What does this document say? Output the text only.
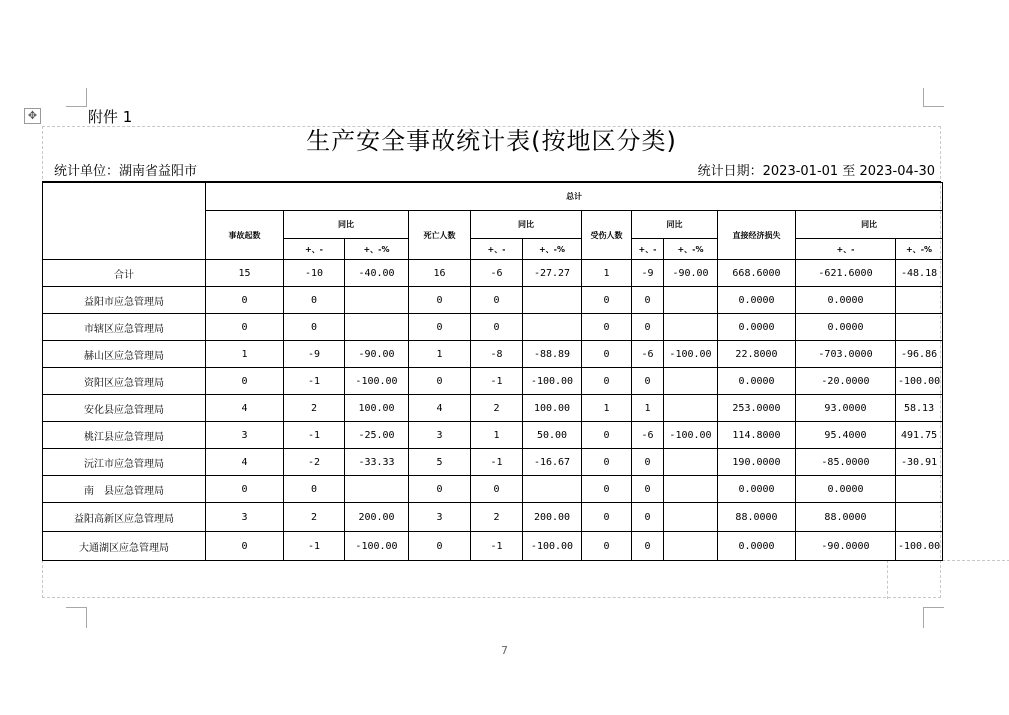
✥	附件 1
生产安全事故统计表(按地区分类)
统计单位：湖南省益阳市	统计日期：2023-01-01 至 2023-04-30
	总计											
	事故起数	同比		死亡人数	同比		受伤人数	同比		直接经济损失	同比	
		+、-	+、-%		+、-	+、-%		+、-	+、-%		+、-	+、-%
合计	15	-10	-40.00	16	-6	-27.27	1	-9	-90.00	668.6000	-621.6000	-48.18
益阳市应急管理局	0	0		0	0		0	0		0.0000	0.0000	
市辖区应急管理局	0	0		0	0		0	0		0.0000	0.0000	
赫山区应急管理局	1	-9	-90.00	1	-8	-88.89	0	-6	-100.00	22.8000	-703.0000	-96.86
资阳区应急管理局	0	-1	-100.00	0	-1	-100.00	0	0		0.0000	-20.0000	-100.00
安化县应急管理局	4	2	100.00	4	2	100.00	1	1		253.0000	93.0000	58.13
桃江县应急管理局	3	-1	-25.00	3	1	50.00	0	-6	-100.00	114.8000	95.4000	491.75
沅江市应急管理局	4	-2	-33.33	5	-1	-16.67	0	0		190.0000	-85.0000	-30.91
南　县应急管理局	0	0		0	0		0	0		0.0000	0.0000	
益阳高新区应急管理局	3	2	200.00	3	2	200.00	0	0		88.0000	88.0000	
大通湖区应急管理局	0	-1	-100.00	0	-1	-100.00	0	0		0.0000	-90.0000	-100.00
7
